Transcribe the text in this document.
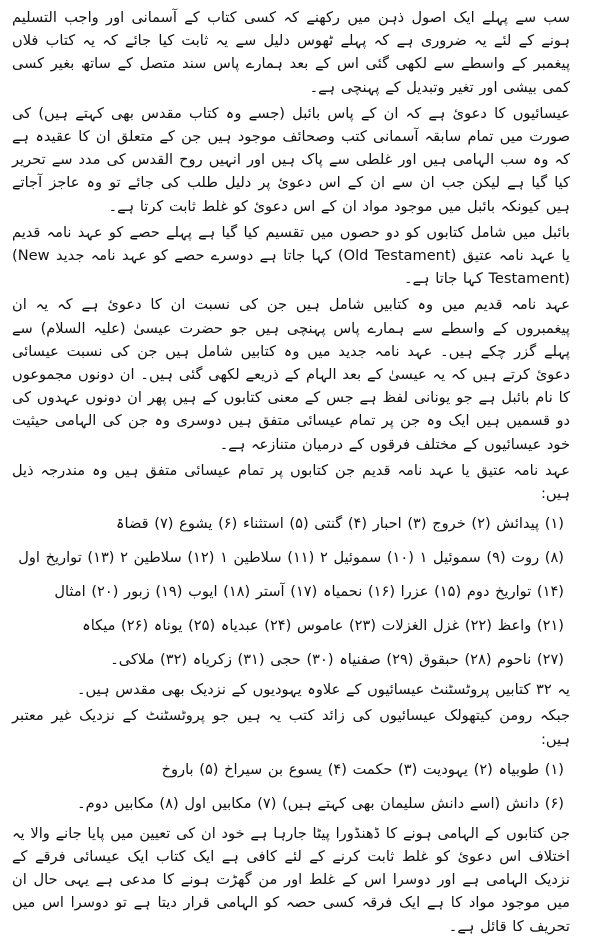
سب سے پہلے ایک اصول ذہن میں رکھنے کہ کسی کتاب کے آسمانی اور واجب التسلیم ہونے کے لئے یہ ضروری ہے کہ پہلے ٹھوس دلیل سے یہ ثابت کیا جائے کہ یہ کتاب فلاں پیغمبر کے واسطے سے لکھی گئی اس کے بعد ہمارے پاس سند متصل کے ساتھ بغیر کسی کمی بیشی اور تغیر وتبدیل کے پہنچی ہے۔

عیسائیوں کا دعوئ ہے کہ ان کے پاس بائبل (جسے وہ کتاب مقدس بھی کہتے ہیں) کی صورت میں تمام سابقہ آسمانی کتب وصحائف موجود ہیں جن کے متعلق ان کا عقیدہ ہے کہ وہ سب الہامی ہیں اور غلطی سے پاک ہیں اور انہیں روح القدس کی مدد سے تحریر کیا گیا ہے لیکن جب ان سے ان کے اس دعوئ پر دلیل طلب کی جائے تو وہ عاجز آجاتے ہیں کیونکہ بائبل میں موجود مواد ان کے اس دعوئ کو غلط ثابت کرتا ہے۔

بائبل میں شامل کتابوں کو دو حصوں میں تقسیم کیا گیا ہے پہلے حصے کو عہد نامہ قدیم یا عہد نامہ عتیق (Old Testament) کہا جاتا ہے دوسرے حصے کو عہد نامہ جدید (New Testament) کہا جاتا ہے۔

عہد نامہ قدیم میں وہ کتابیں شامل ہیں جن کی نسبت ان کا دعوئ ہے کہ یہ ان پیغمبروں کے واسطے سے ہمارے پاس پہنچی ہیں جو حضرت عیسیٰ (علیہ السلام) سے پہلے گزر چکے ہیں۔ عہد نامہ جدید میں وہ کتابیں شامل ہیں جن کی نسبت عیسائی دعوئ کرتے ہیں کہ یہ عیسیٰ کے بعد الہام کے ذریعے لکھی گئی ہیں۔ ان دونوں مجموعوں کا نام بائبل ہے جو یونانی لفظ ہے جس کے معنی کتابوں کے ہیں پھر ان دونوں عہدوں کی دو قسمیں ہیں ایک وہ جن پر تمام عیسائی متفق ہیں دوسری وہ جن کی الہامی حیثیت خود عیسائیوں کے مختلف فرقوں کے درمیان متنازعہ ہے۔

عہد نامہ عتیق یا عہد نامہ قدیم جن کتابوں پر تمام عیسائی متفق ہیں وہ مندرجہ ذیل ہیں:

(۱) پیدائش (۲) خروج (۳) احبار (۴) گنتی (۵) استثناء (۶) یشوع (۷) قضاۃ
(۸) روت (۹) سموئیل ۱ (۱۰) سموئیل ۲ (۱۱) سلاطین ۱ (۱۲) سلاطین ۲ (۱۳) تواریخ اول
(۱۴) تواریخ دوم (۱۵) عزرا (۱۶) نحمیاہ (۱۷) آستر (۱۸) ایوب (۱۹) زبور (۲۰) امثال
(۲۱) واعظ (۲۲) غزل الغزلات (۲۳) عاموس (۲۴) عبدیاہ (۲۵) یوناہ (۲۶) میکاہ
(۲۷) ناحوم (۲۸) حبقوق (۲۹) صفنیاہ (۳۰) حجی (۳۱) زکریاہ (۳۲) ملاکی۔

یہ ۳۲ کتابیں پروٹسٹنٹ عیسائیوں کے علاوہ یہودیوں کے نزدیک بھی مقدس ہیں۔

جبکہ رومن کیتھولک عیسائیوں کی زائد کتب یہ ہیں جو پروٹسٹنٹ کے نزدیک غیر معتبر ہیں:

(۱) طوبیاہ (۲) یہودیت (۳) حکمت (۴) یسوع بن سیراخ (۵) باروخ
(۶) دانش (اسے دانش سلیمان بھی کہتے ہیں) (۷) مکابیں اول (۸) مکابیں دوم۔

جن کتابوں کے الہامی ہونے کا ڈھنڈورا پیٹا جارہا ہے خود ان کی تعیین میں پایا جانے والا یہ اختلاف اس دعوئ کو غلط ثابت کرنے کے لئے کافی ہے ایک کتاب ایک عیسائی فرقے کے نزدیک الہامی ہے اور دوسرا اس کے غلط اور من گھڑت ہونے کا مدعی ہے یہی حال ان میں موجود مواد کا ہے ایک فرقہ کسی حصہ کو الہامی قرار دیتا ہے تو دوسرا اس میں تحریف کا قائل ہے۔
